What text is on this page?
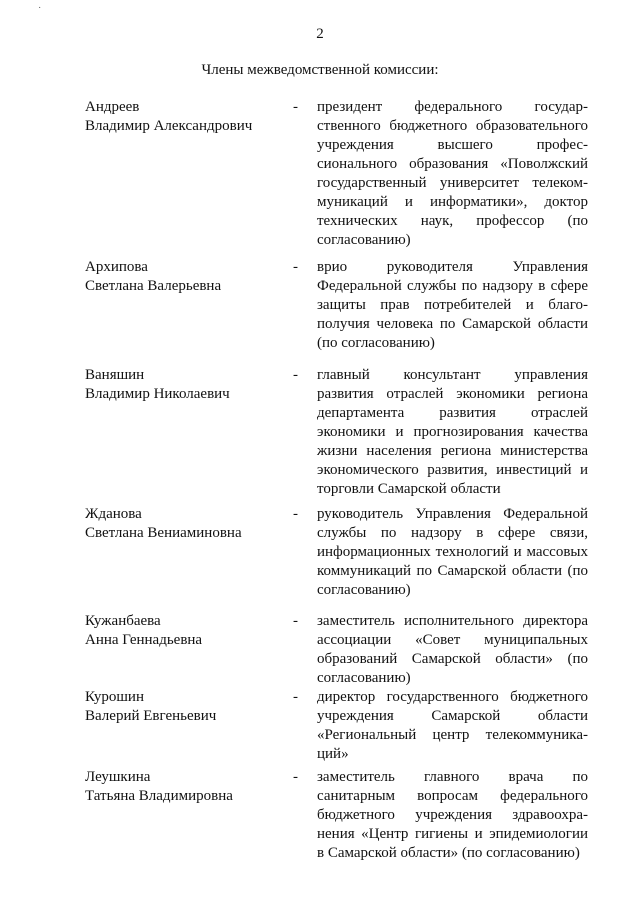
˙
2
Члены межведомственной комиссии:
Андреев
Владимир Александрович
- президент федерального государ-
ственного бюджетного образовательного
учреждения высшего профес-
сионального образования «Поволжский
государственный университет телеком-
муникаций и информатики», доктор
технических наук, профессор (по
согласованию)
Архипова
Светлана Валерьевна
- врио руководителя Управления
Федеральной службы по надзору в сфере
защиты прав потребителей и благо-
получия человека по Самарской области
(по согласованию)
Ваняшин
Владимир Николаевич
- главный консультант управления
развития отраслей экономики региона
департамента развития отраслей
экономики и прогнозирования качества
жизни населения региона министерства
экономического развития, инвестиций и
торговли Самарской области
Жданова
Светлана Вениаминовна
- руководитель Управления Федеральной
службы по надзору в сфере связи,
информационных технологий и массовых
коммуникаций по Самарской области (по
согласованию)
Кужанбаева
Анна Геннадьевна
- заместитель исполнительного директора
ассоциации «Совет муниципальных
образований Самарской области» (по
согласованию)
Курошин
Валерий Евгеньевич
- директор государственного бюджетного
учреждения Самарской области
«Региональный центр телекоммуника-
ций»
Леушкина
Татьяна Владимировна
- заместитель главного врача по
санитарным вопросам федерального
бюджетного учреждения здравоохра-
нения «Центр гигиены и эпидемиологии
в Самарской области» (по согласованию)
